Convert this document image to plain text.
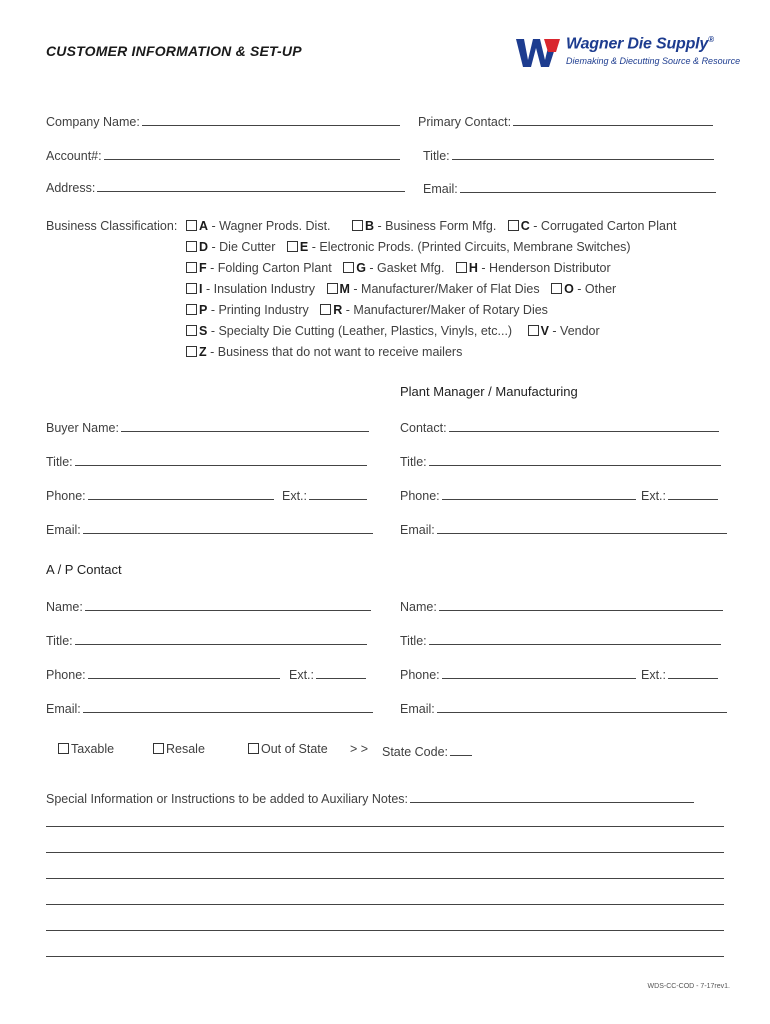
CUSTOMER INFORMATION & SET-UP	Wagner Die Supply®
Diemaking & Diecutting Source & Resource
Company Name:	Primary Contact:
Account#:	Title:
Address:	Email:
Business Classification:	A - Wagner Prods. Dist.	B - Business Form Mfg. C - Corrugated Carton Plant
D - Die Cutter E - Electronic Prods. (Printed Circuits, Membrane Switches)
F - Folding Carton Plant G - Gasket Mfg. H - Henderson Distributor
I - Insulation Industry M - Manufacturer/Maker of Flat Dies O - Other
P - Printing Industry R - Manufacturer/Maker of Rotary Dies
S - Specialty Die Cutting (Leather, Plastics, Vinyls, etc...) V - Vendor
Z - Business that do not want to receive mailers
Plant Manager / Manufacturing
Buyer Name:	Contact:
Title:	Title:
Phone:	Ext.:	Phone:	Ext.:
Email:	Email:
A / P Contact
Name:	Name:
Title:	Title:
Phone:	Ext.:	Phone:	Ext.:
Email:	Email:
Taxable	Resale	Out of State > > State Code:
Special Information or Instructions to be added to Auxiliary Notes:
WDS-CC-COD - 7-17rev1.
